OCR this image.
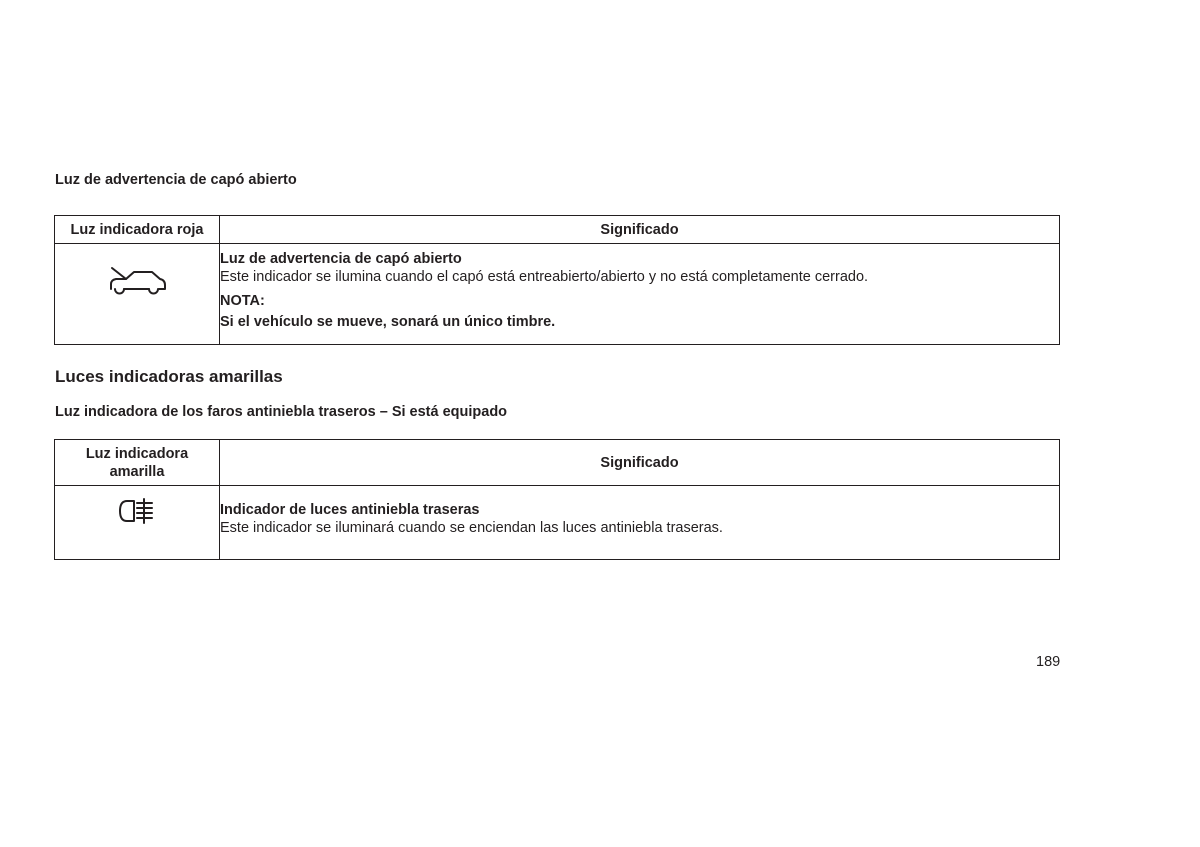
Luz de advertencia de capó abierto
Luz indicadora roja	Significado

Luz de advertencia de capó abierto
Este indicador se ilumina cuando el capó está entreabierto/abierto y no está completamente cerrado.
NOTA:
Si el vehículo se mueve, sonará un único timbre.
Luces indicadoras amarillas
Luz indicadora de los faros antiniebla traseros – Si está equipado
Luz indicadora
amarilla	Significado

Indicador de luces antiniebla traseras
Este indicador se iluminará cuando se enciendan las luces antiniebla traseras.
189
